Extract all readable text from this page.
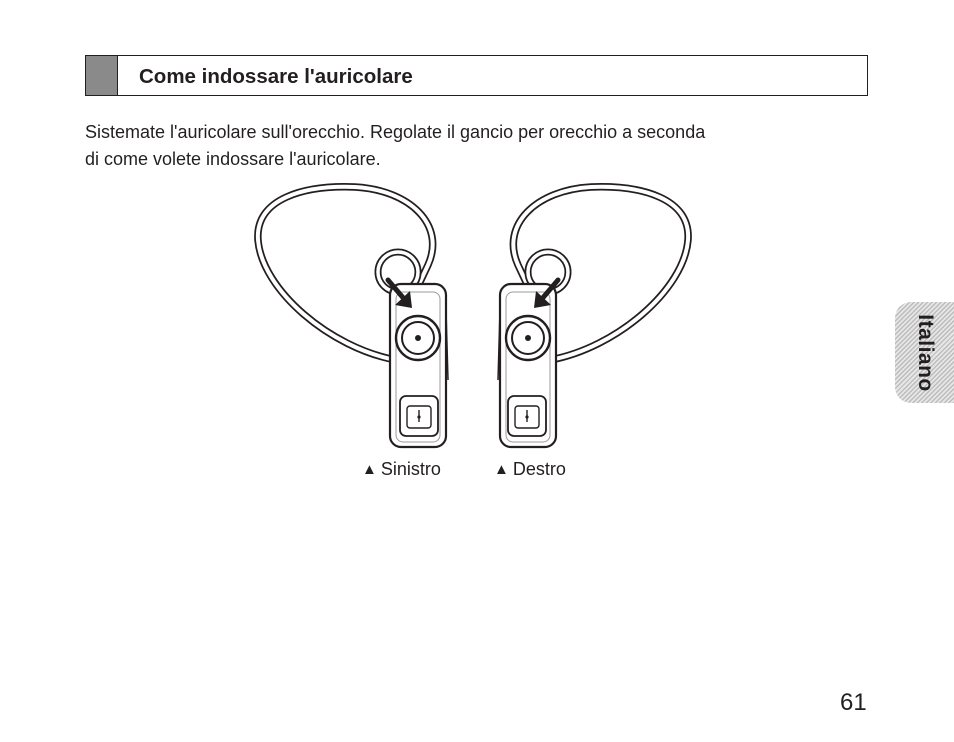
Come indossare l'auricolare

Sistemate l'auricolare sull'orecchio. Regolate il gancio per orecchio a seconda
di come volete indossare l'auricolare.

▲ Sinistro	▲ Destro
Italiano
61
